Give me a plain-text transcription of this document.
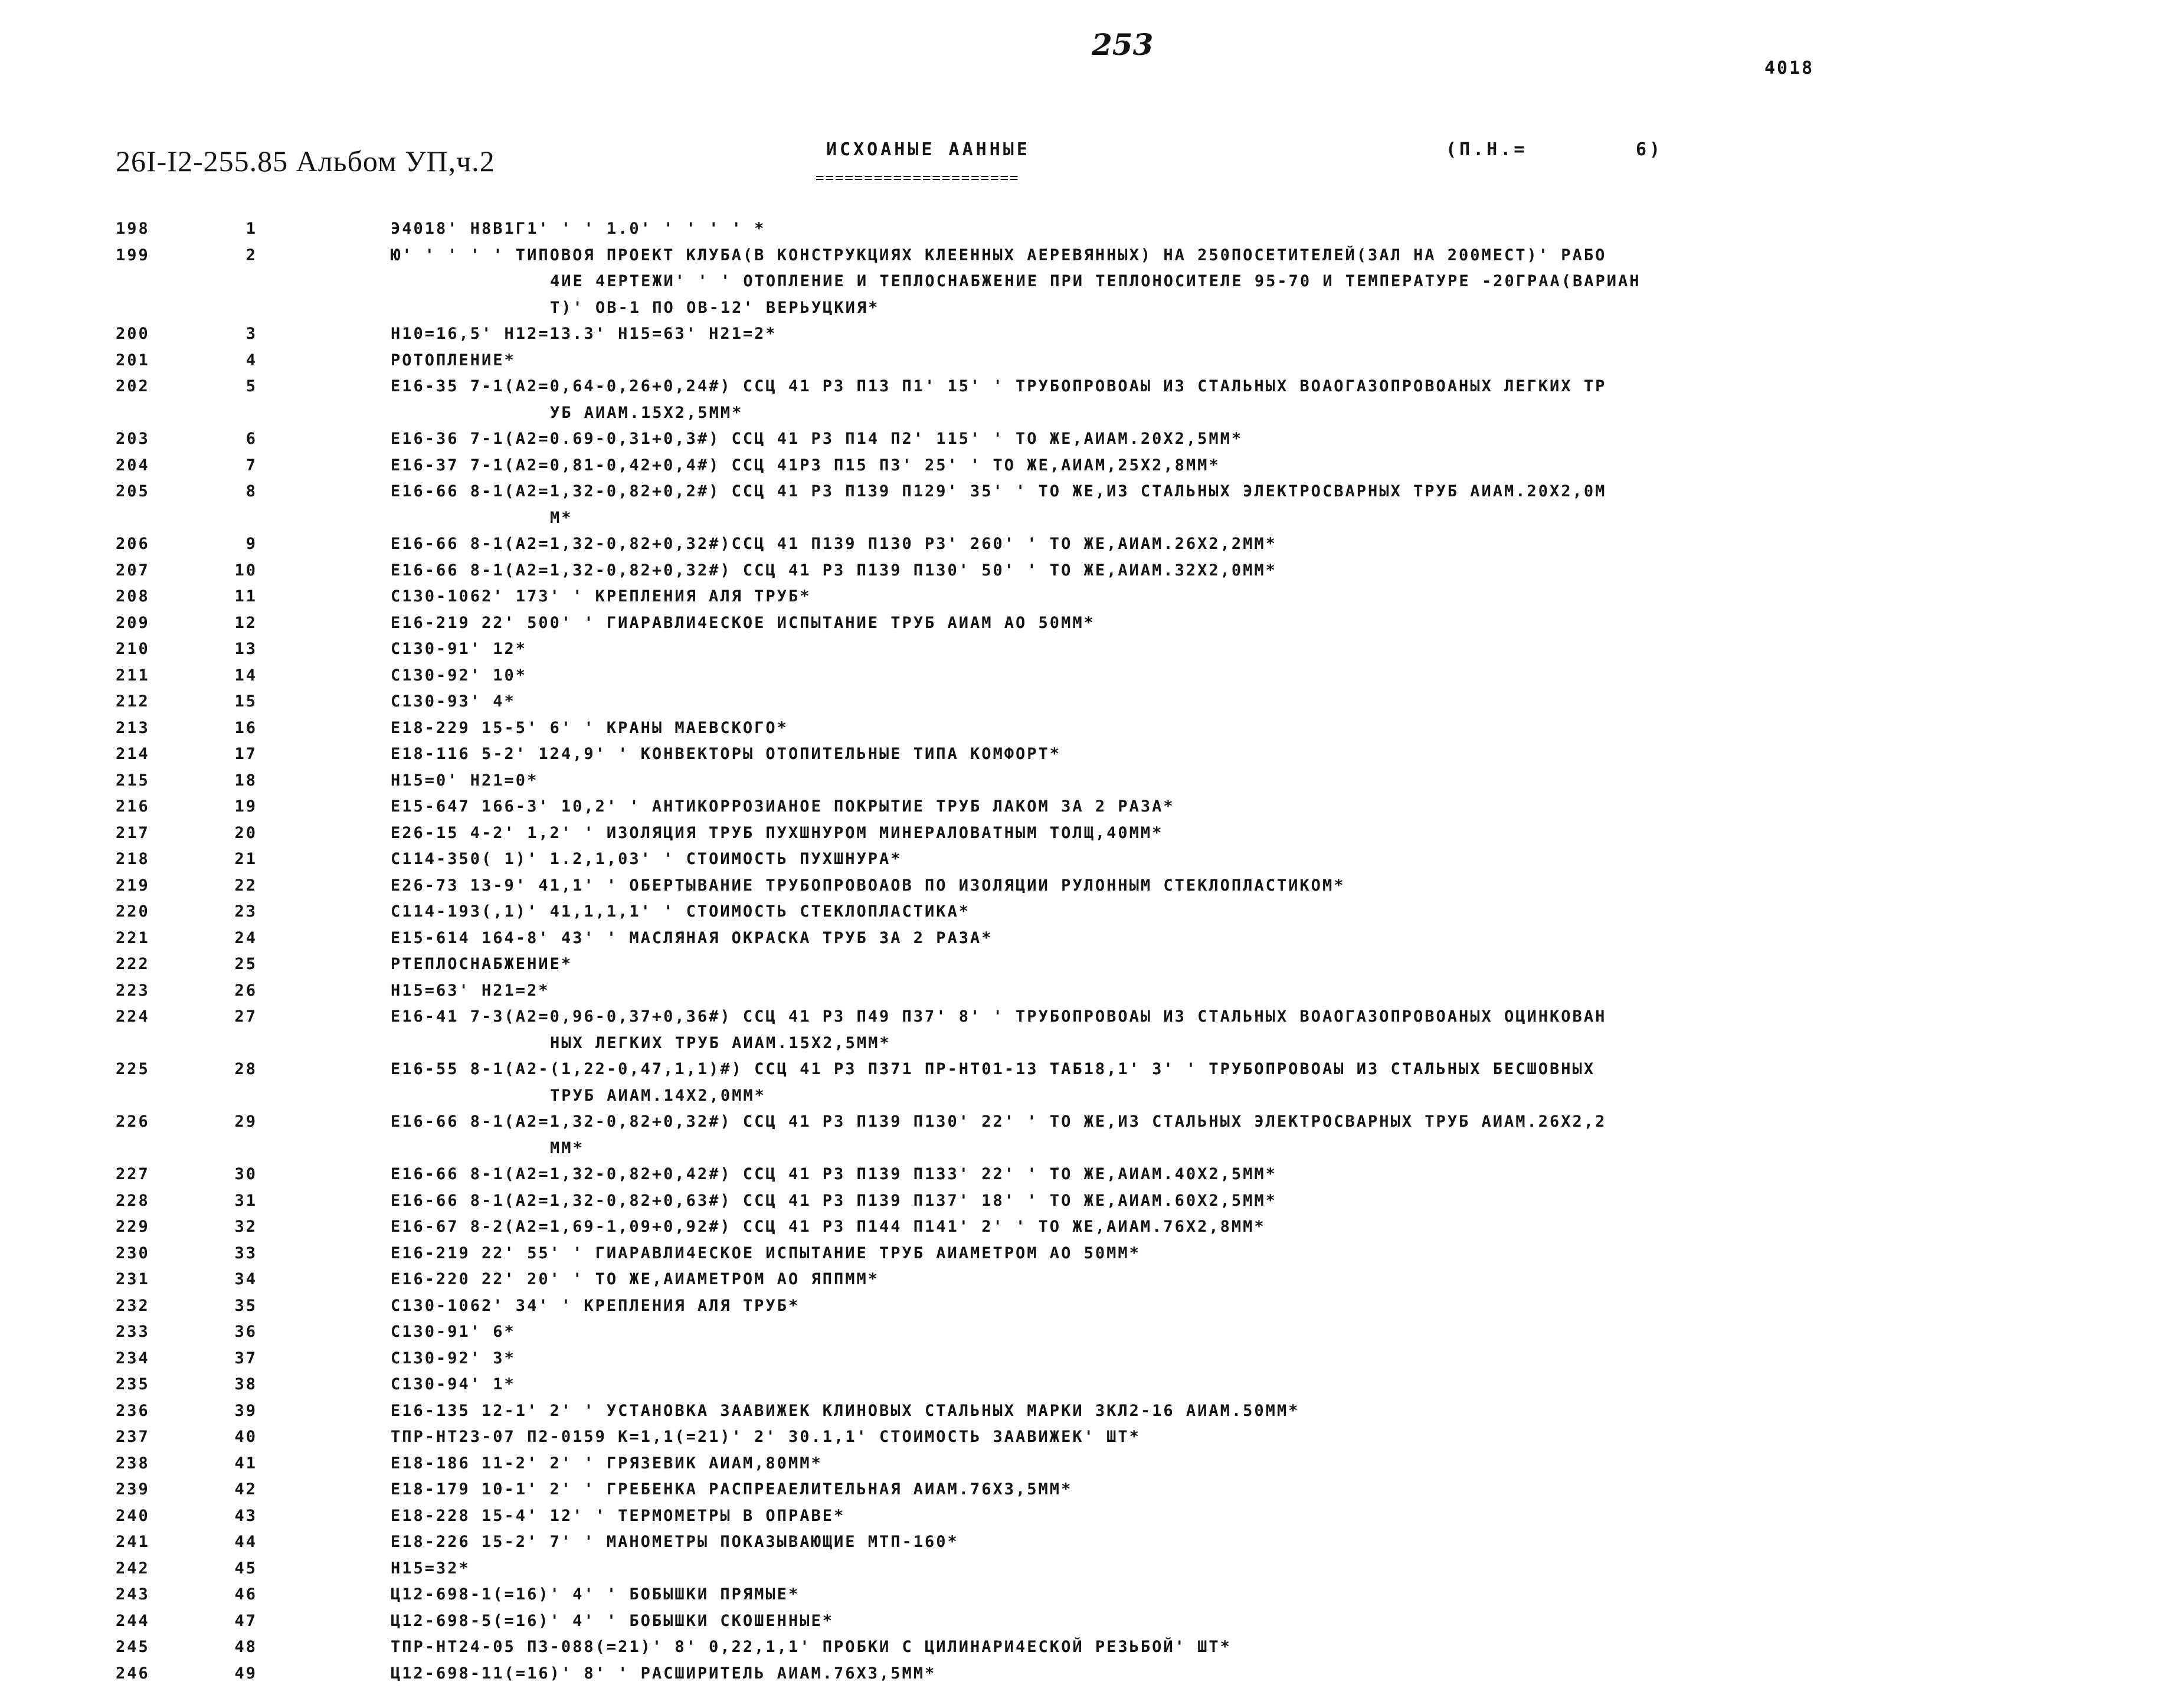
253
4018
26I-I2-255.85 Альбом УП,ч.2	ИСХОАНЫЕ ААННЫЕ
=====================
(П.Н.=	6)
198	1	Э4018' Н8В1Г1' ' ' 1.0' ' ' ' ' *
199	2	Ю' ' ' ' ' ТИПОВОЯ ПРОЕКТ КЛУБА(В КОНСТРУКЦИЯХ КЛЕЕННЫХ АЕРЕВЯННЫХ) НА 250ПОСЕТИТЕЛЕЙ(ЗАЛ НА 200МЕСТ)' РАБО
4ИЕ 4ЕРТЕЖИ' ' ' ОТОПЛЕНИЕ И ТЕПЛОСНАБЖЕНИЕ ПРИ ТЕПЛОНОСИТЕЛЕ 95-70 И ТЕМПЕРАТУРЕ -20ГРАА(ВАРИАН
Т)' ОВ-1 ПО ОВ-12' ВЕРЬУЦКИЯ*
200	3	Н10=16,5' Н12=13.3' Н15=63' Н21=2*
201	4	РОТОПЛЕНИЕ*
202	5	Е16-35 7-1(А2=0,64-0,26+0,24#) ССЦ 41 РЗ П13 П1' 15' ' ТРУБОПРОВОАЫ ИЗ СТАЛЬНЫХ ВОАОГАЗОПРОВОАНЫХ ЛЕГКИХ ТР
УБ АИАМ.15Х2,5ММ*
203	6	Е16-36 7-1(А2=0.69-0,31+0,3#) ССЦ 41 РЗ П14 П2' 115' ' ТО ЖЕ,АИАМ.20Х2,5ММ*
204	7	Е16-37 7-1(А2=0,81-0,42+0,4#) ССЦ 41РЗ П15 П3' 25' ' ТО ЖЕ,АИАМ,25Х2,8ММ*
205	8	Е16-66 8-1(А2=1,32-0,82+0,2#) ССЦ 41 РЗ П139 П129' 35' ' ТО ЖЕ,ИЗ СТАЛЬНЫХ ЭЛЕКТРОСВАРНЫХ ТРУБ АИАМ.20Х2,0М
М*
206	9	Е16-66 8-1(А2=1,32-0,82+0,32#)ССЦ 41 П139 П130 РЗ' 260' ' ТО ЖЕ,АИАМ.26Х2,2ММ*
207	10	Е16-66 8-1(А2=1,32-0,82+0,32#) ССЦ 41 РЗ П139 П130' 50' ' ТО ЖЕ,АИАМ.32Х2,0ММ*
208	11	С130-1062' 173' ' КРЕПЛЕНИЯ АЛЯ ТРУБ*
209	12	Е16-219 22' 500' ' ГИАРАВЛИ4ЕСКОЕ ИСПЫТАНИЕ ТРУБ АИАМ АО 50ММ*
210	13	С130-91' 12*
211	14	С130-92' 10*
212	15	С130-93' 4*
213	16	Е18-229 15-5' 6' ' КРАНЫ МАЕВСКОГО*
214	17	Е18-116 5-2' 124,9' ' КОНВЕКТОРЫ ОТОПИТЕЛЬНЫЕ ТИПА КОМФОРТ*
215	18	Н15=0' Н21=0*
216	19	Е15-647 166-3' 10,2' ' АНТИКОРРОЗИАНОЕ ПОКРЫТИЕ ТРУБ ЛАКОМ ЗА 2 РАЗА*
217	20	Е26-15 4-2' 1,2' ' ИЗОЛЯЦИЯ ТРУБ ПУХШНУРОМ МИНЕРАЛОВАТНЫМ ТОЛЩ,40ММ*
218	21	С114-350( 1)' 1.2,1,03' ' СТОИМОСТЬ ПУХШНУРА*
219	22	Е26-73 13-9' 41,1' ' ОБЕРТЫВАНИЕ ТРУБОПРОВОАОВ ПО ИЗОЛЯЦИИ РУЛОННЫМ СТЕКЛОПЛАСТИКОМ*
220	23	С114-193(,1)' 41,1,1,1' ' СТОИМОСТЬ СТЕКЛОПЛАСТИКА*
221	24	Е15-614 164-8' 43' ' МАСЛЯНАЯ ОКРАСКА ТРУБ ЗА 2 РАЗА*
222	25	РТЕПЛОСНАБЖЕНИЕ*
223	26	Н15=63' Н21=2*
224	27	Е16-41 7-3(А2=0,96-0,37+0,36#) ССЦ 41 РЗ П49 П37' 8' ' ТРУБОПРОВОАЫ ИЗ СТАЛЬНЫХ ВОАОГАЗОПРОВОАНЫХ ОЦИНКОВАН
НЫХ ЛЕГКИХ ТРУБ АИАМ.15Х2,5ММ*
225	28	Е16-55 8-1(А2-(1,22-0,47,1,1)#) ССЦ 41 РЗ П371 ПР-НТ01-13 ТАБ18,1' 3' ' ТРУБОПРОВОАЫ ИЗ СТАЛЬНЫХ БЕСШОВНЫХ
ТРУБ АИАМ.14Х2,0ММ*
226	29	Е16-66 8-1(А2=1,32-0,82+0,32#) ССЦ 41 РЗ П139 П130' 22' ' ТО ЖЕ,ИЗ СТАЛЬНЫХ ЭЛЕКТРОСВАРНЫХ ТРУБ АИАМ.26Х2,2
ММ*
227	30	Е16-66 8-1(А2=1,32-0,82+0,42#) ССЦ 41 РЗ П139 П133' 22' ' ТО ЖЕ,АИАМ.40Х2,5ММ*
228	31	Е16-66 8-1(А2=1,32-0,82+0,63#) ССЦ 41 РЗ П139 П137' 18' ' ТО ЖЕ,АИАМ.60Х2,5ММ*
229	32	Е16-67 8-2(А2=1,69-1,09+0,92#) ССЦ 41 РЗ П144 П141' 2' ' ТО ЖЕ,АИАМ.76Х2,8ММ*
230	33	Е16-219 22' 55' ' ГИАРАВЛИ4ЕСКОЕ ИСПЫТАНИЕ ТРУБ АИАМЕТРОМ АО 50ММ*
231	34	Е16-220 22' 20' ' ТО ЖЕ,АИАМЕТРОМ АО ЯППММ*
232	35	С130-1062' 34' ' КРЕПЛЕНИЯ АЛЯ ТРУБ*
233	36	С130-91' 6*
234	37	С130-92' 3*
235	38	С130-94' 1*
236	39	Е16-135 12-1' 2' ' УСТАНОВКА ЗААВИЖЕК КЛИНОВЫХ СТАЛЬНЫХ МАРКИ ЗКЛ2-16 АИАМ.50ММ*
237	40	ТПР-НТ23-07 П2-0159 К=1,1(=21)' 2' 30.1,1' СТОИМОСТЬ ЗААВИЖЕК' ШТ*
238	41	Е18-186 11-2' 2' ' ГРЯЗЕВИК АИАМ,80ММ*
239	42	Е18-179 10-1' 2' ' ГРЕБЕНКА РАСПРЕАЕЛИТЕЛЬНАЯ АИАМ.76Х3,5ММ*
240	43	Е18-228 15-4' 12' ' ТЕРМОМЕТРЫ В ОПРАВЕ*
241	44	Е18-226 15-2' 7' ' МАНОМЕТРЫ ПОКАЗЫВАЮЩИЕ МТП-160*
242	45	Н15=32*
243	46	Ц12-698-1(=16)' 4' ' БОБЫШКИ ПРЯМЫЕ*
244	47	Ц12-698-5(=16)' 4' ' БОБЫШКИ СКОШЕННЫЕ*
245	48	ТПР-НТ24-05 П3-088(=21)' 8' 0,22,1,1' ПРОБКИ С ЦИЛИНАРИ4ЕСКОЙ РЕЗЬБОЙ' ШТ*
246	49	Ц12-698-11(=16)' 8' ' РАСШИРИТЕЛЬ АИАМ.76Х3,5ММ*
